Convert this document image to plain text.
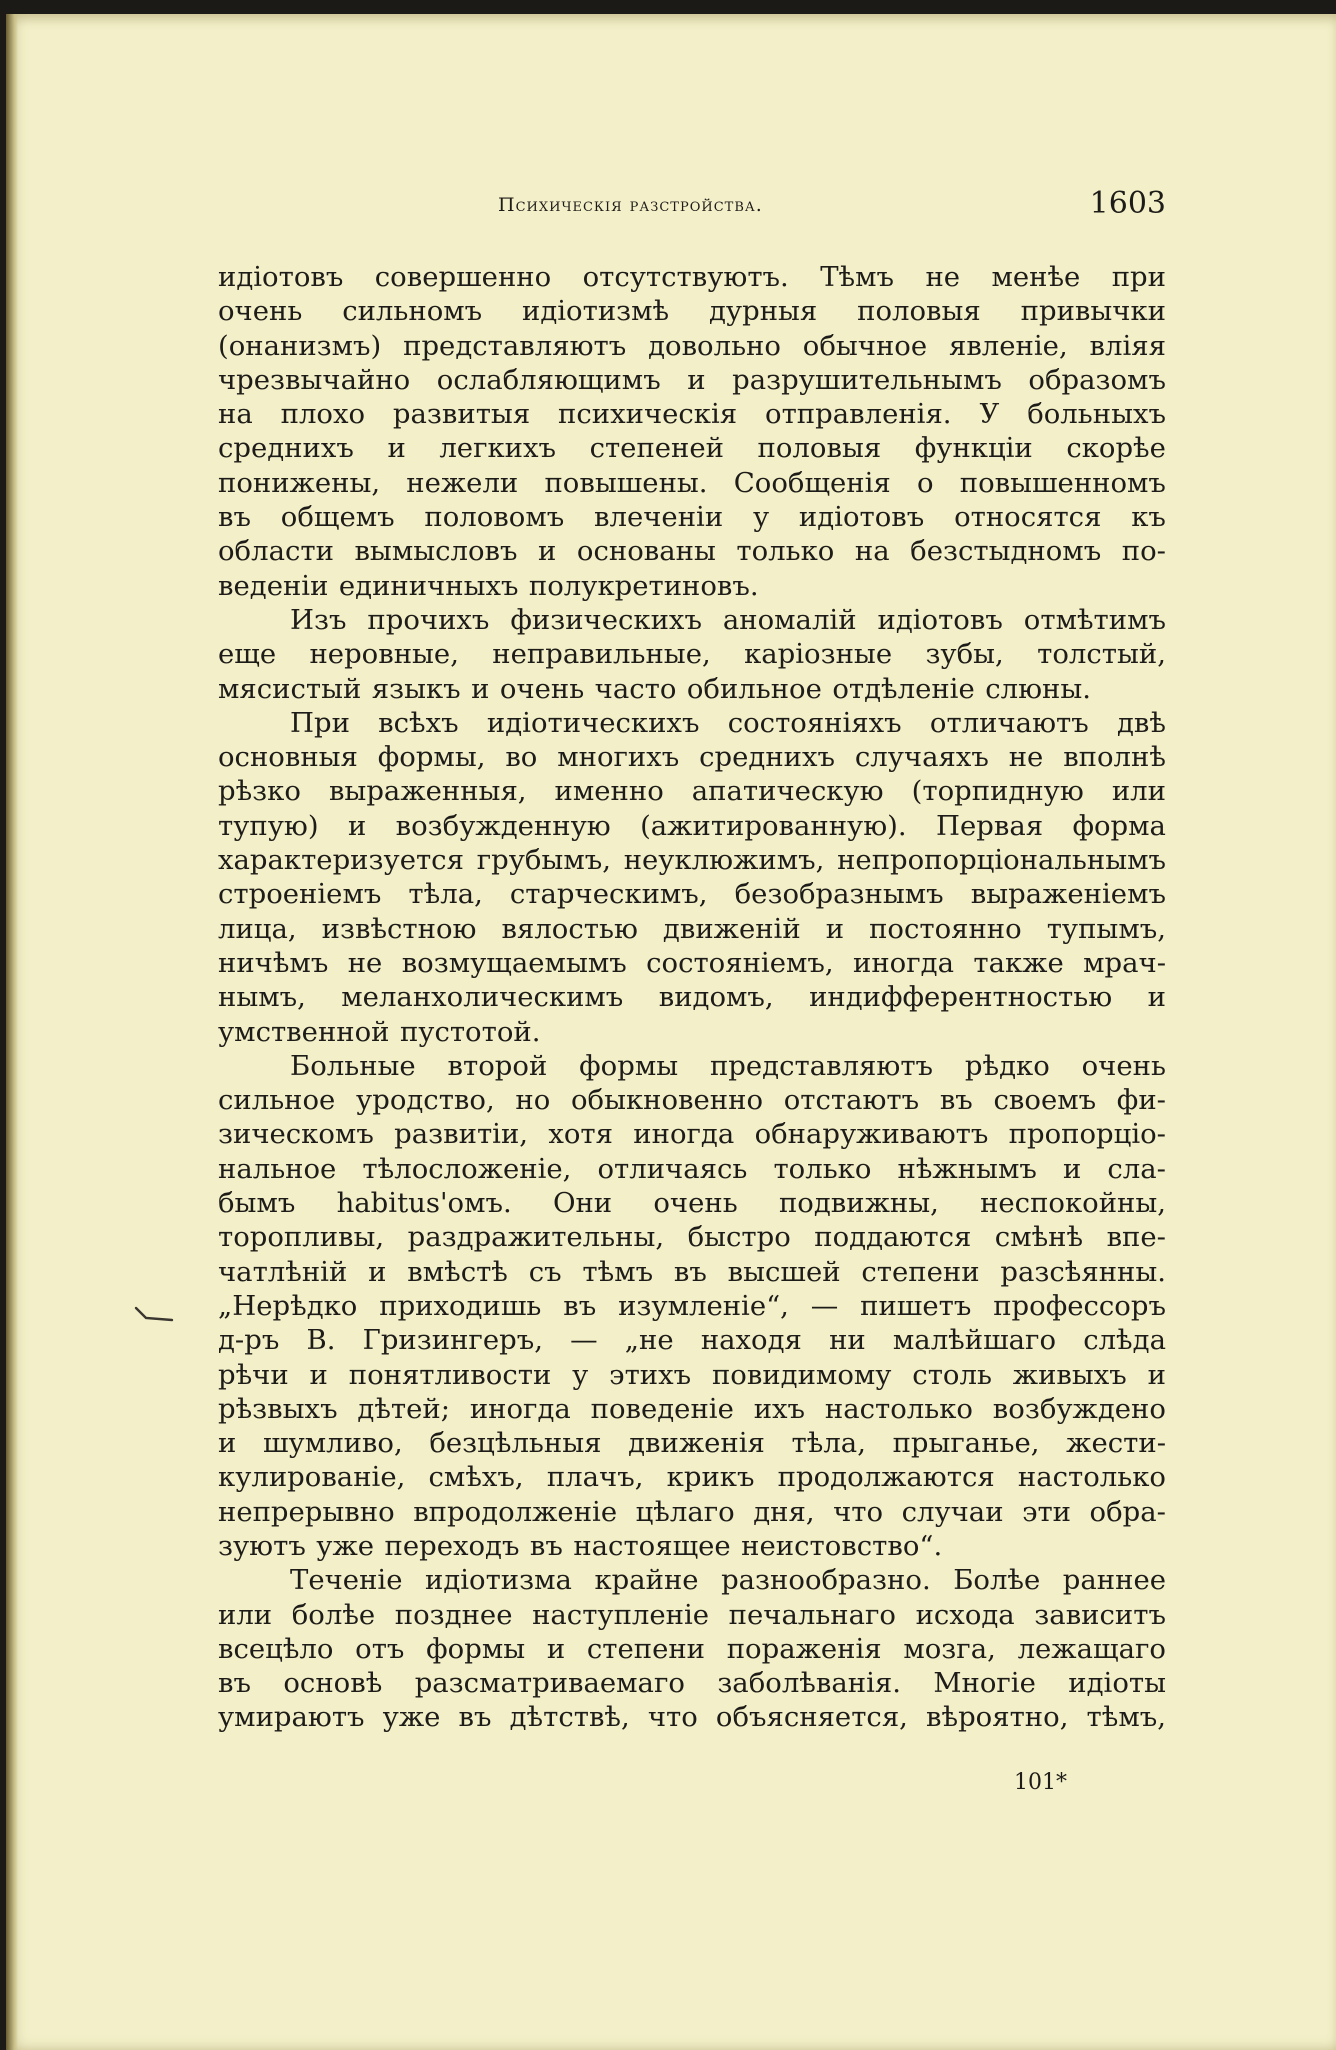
Психическія разстройства.	1603
идіотовъ совершенно отсутствуютъ. Тѣмъ не менѣе при
очень сильномъ идіотизмѣ дурныя половыя привычки
(онанизмъ) представляютъ довольно обычное явленіе, вліяя
чрезвычайно ослабляющимъ и разрушительнымъ образомъ
на плохо развитыя психическія отправленія. У больныхъ
среднихъ и легкихъ степеней половыя функціи скорѣе
понижены, нежели повышены. Сообщенія о повышенномъ
въ общемъ половомъ влеченіи у идіотовъ относятся къ
области вымысловъ и основаны только на безстыдномъ по-
веденіи единичныхъ полукретиновъ.
Изъ прочихъ физическихъ аномалій идіотовъ отмѣтимъ
еще неровные, неправильные, каріозные зубы, толстый,
мясистый языкъ и очень часто обильное отдѣленіе слюны.
При всѣхъ идіотическихъ состояніяхъ отличаютъ двѣ
основныя формы, во многихъ среднихъ случаяхъ не вполнѣ
рѣзко выраженныя, именно апатическую (торпидную или
тупую) и возбужденную (ажитированную). Первая форма
характеризуется грубымъ, неуклюжимъ, непропорціональнымъ
строеніемъ тѣла, старческимъ, безобразнымъ выраженіемъ
лица, извѣстною вялостью движеній и постоянно тупымъ,
ничѣмъ не возмущаемымъ состояніемъ, иногда также мрач-
нымъ, меланхолическимъ видомъ, индифферентностью и
умственной пустотой.
Больные второй формы представляютъ рѣдко очень
сильное уродство, но обыкновенно отстаютъ въ своемъ фи-
зическомъ развитіи, хотя иногда обнаруживаютъ пропорціо-
нальное тѣлосложеніе, отличаясь только нѣжнымъ и сла-
бымъ habitus'омъ. Они очень подвижны, неспокойны,
торопливы, раздражительны, быстро поддаются смѣнѣ впе-
чатлѣній и вмѣстѣ съ тѣмъ въ высшей степени разсѣянны.
„Нерѣдко приходишь въ изумленіе“, — пишетъ профессоръ
д-ръ В. Гризингеръ, — „не находя ни малѣйшаго слѣда
рѣчи и понятливости у этихъ повидимому столь живыхъ и
рѣзвыхъ дѣтей; иногда поведеніе ихъ настолько возбуждено
и шумливо, безцѣльныя движенія тѣла, прыганье, жести-
кулированіе, смѣхъ, плачъ, крикъ продолжаются настолько
непрерывно впродолженіе цѣлаго дня, что случаи эти обра-
зуютъ уже переходъ въ настоящее неистовство“.
Теченіе идіотизма крайне разнообразно. Болѣе раннее
или болѣе позднее наступленіе печальнаго исхода зависитъ
всецѣло отъ формы и степени пораженія мозга, лежащаго
въ основѣ разсматриваемаго заболѣванія. Многіе идіоты
умираютъ уже въ дѣтствѣ, что объясняется, вѣроятно, тѣмъ,
101*
